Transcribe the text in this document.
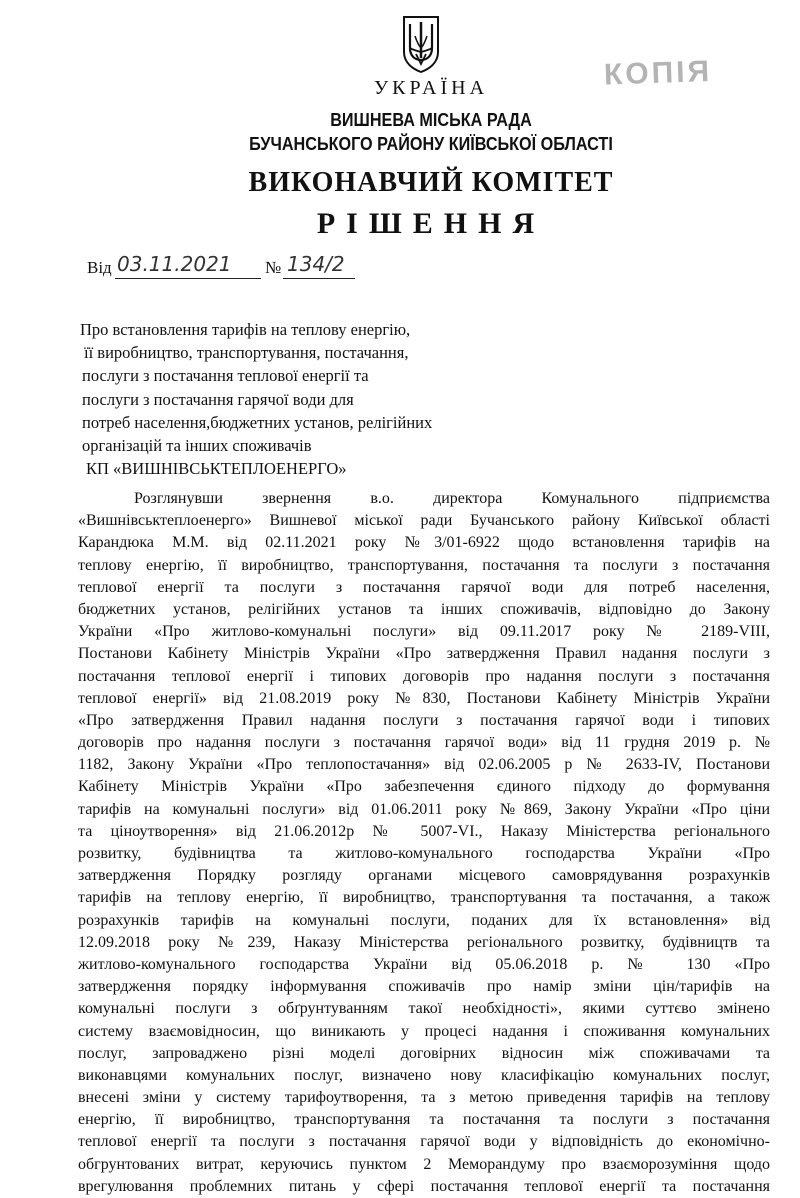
КОПІЯ
УКРАЇНА
ВИШНЕВА МІСЬКА РАДА
БУЧАНСЬКОГО РАЙОНУ КИЇВСЬКОЇ ОБЛАСТІ
ВИКОНАВЧИЙ КОМІТЕТ
РІШЕННЯ
Від 03.11.2021 № 134/2
Про встановлення тарифів на теплову енергію,
її виробництво, транспортування, постачання,
послуги з постачання теплової енергії та
послуги з постачання гарячої води для
потреб населення,бюджетних установ, релігійних
організацій та інших споживачів
КП «ВИШНІВСЬКТЕПЛОЕНЕРГО»
Розглянувши звернення в.о. директора Комунального підприємства
«Вишнівськтеплоенерго» Вишневої міської ради Бучанського району Київської області
Карандюка М.М. від 02.11.2021 року №3/01-6922 щодо встановлення тарифів на
теплову енергію, її виробництво, транспортування, постачання та послуги з постачання
теплової енергії та послуги з постачання гарячої води для потреб населення,
бюджетних установ, релігійних установ та інших споживачів, відповідно до Закону
України «Про житлово-комунальні послуги» від 09.11.2017 року № 2189-VIII,
Постанови Кабінету Міністрів України «Про затвердження Правил надання послуги з
постачання теплової енергії і типових договорів про надання послуги з постачання
теплової енергії» від 21.08.2019 року №830, Постанови Кабінету Міністрів України
«Про затвердження Правил надання послуги з постачання гарячої води і типових
договорів про надання послуги з постачання гарячої води» від 11 грудня 2019 р. №
1182, Закону України «Про теплопостачання» від 02.06.2005 р № 2633-IV, Постанови
Кабінету Міністрів України «Про забезпечення єдиного підходу до формування
тарифів на комунальні послуги» від 01.06.2011 року №869, Закону України «Про ціни
та ціноутворення» від 21.06.2012р № 5007-VI., Наказу Міністерства регіонального
розвитку, будівництва та житлово-комунального господарства України «Про
затвердження Порядку розгляду органами місцевого самоврядування розрахунків
тарифів на теплову енергію, її виробництво, транспортування та постачання, а також
розрахунків тарифів на комунальні послуги, поданих для їх встановлення» від
12.09.2018 року №239, Наказу Міністерства регіонального розвитку, будівництв та
житлово-комунального господарства України від 05.06.2018 р. № 130 «Про
затвердження порядку інформування споживачів про намір зміни цін/тарифів на
комунальні послуги з обґрунтуванням такої необхідності», якими суттєво змінено
систему взаємовідносин, що виникають у процесі надання і споживання комунальних
послуг, запроваджено різні моделі договірних відносин між споживачами та
виконавцями комунальних послуг, визначено нову класифікацію комунальних послуг,
внесені зміни у систему тарифоутворення, та з метою приведення тарифів на теплову
енергію, її виробництво, транспортування та постачання та послуги з постачання
теплової енергії та послуги з постачання гарячої води у відповідність до економічно-
обгрунтованих витрат, керуючись пунктом 2 Меморандуму про взаєморозуміння щодо
врегулювання проблемних питань у сфері постачання теплової енергії та постачання
